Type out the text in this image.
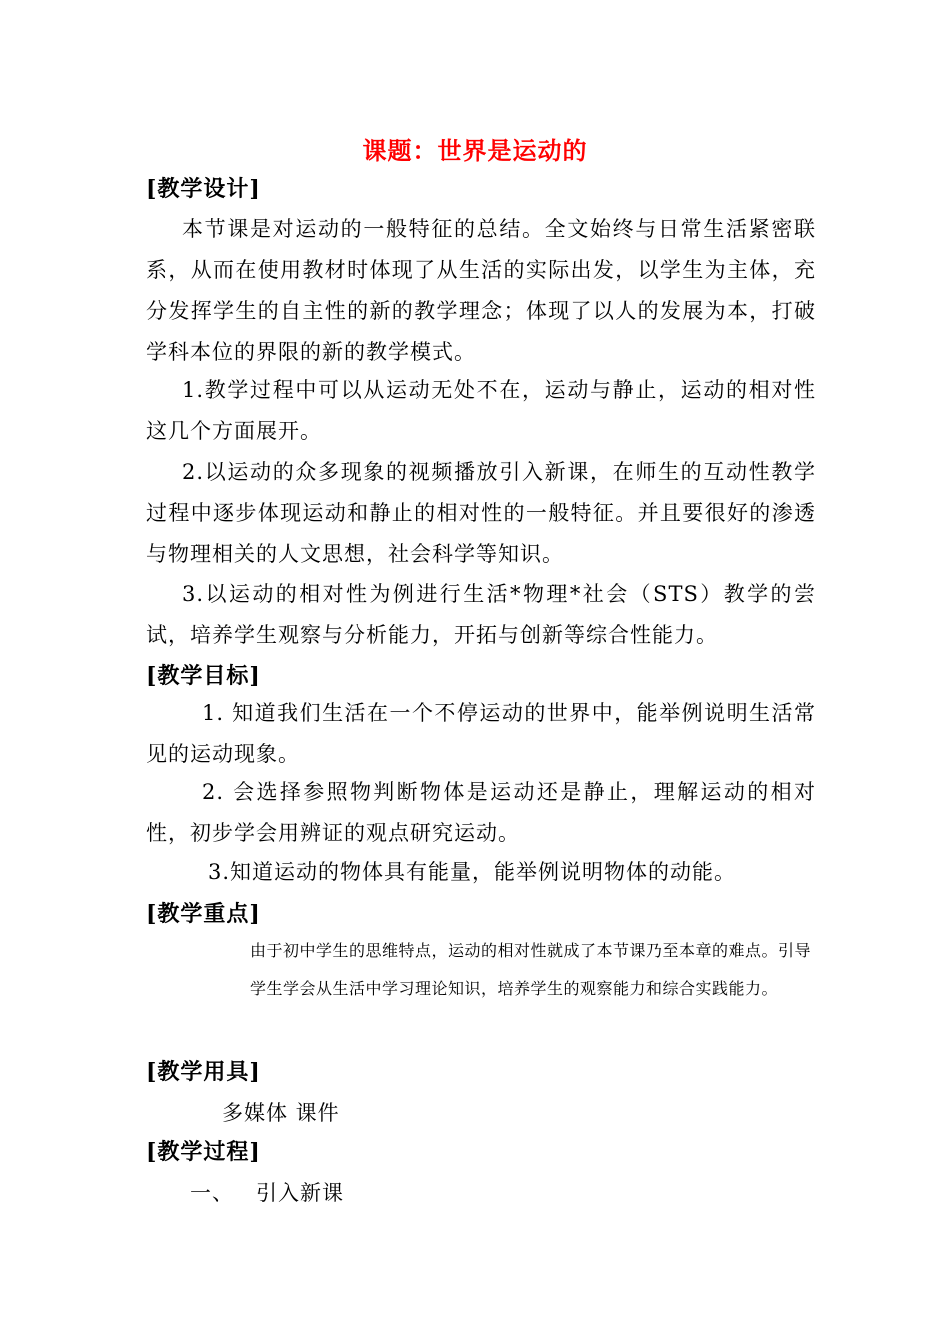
课题：世界是运动的
[教学设计]

本节课是对运动的一般特征的总结。全文始终与日常生活紧密联系，从而在使用教材时体现了从生活的实际出发，以学生为主体，充分发挥学生的自主性的新的教学理念；体现了以人的发展为本，打破学科本位的界限的新的教学模式。

1.教学过程中可以从运动无处不在，运动与静止，运动的相对性这几个方面展开。

2.以运动的众多现象的视频播放引入新课，在师生的互动性教学过程中逐步体现运动和静止的相对性的一般特征。并且要很好的渗透与物理相关的人文思想，社会科学等知识。

3.以运动的相对性为例进行生活*物理*社会（STS）教学的尝试，培养学生观察与分析能力，开拓与创新等综合性能力。

[教学目标]

1. 知道我们生活在一个不停运动的世界中，能举例说明生活常见的运动现象。

2. 会选择参照物判断物体是运动还是静止，理解运动的相对性，初步学会用辨证的观点研究运动。

3.知道运动的物体具有能量，能举例说明物体的动能。

[教学重点]

由于初中学生的思维特点，运动的相对性就成了本节课乃至本章的难点。引导学生学会从生活中学习理论知识，培养学生的观察能力和综合实践能力。

[教学用具]

多媒体 课件

[教学过程]

一、 引入新课
